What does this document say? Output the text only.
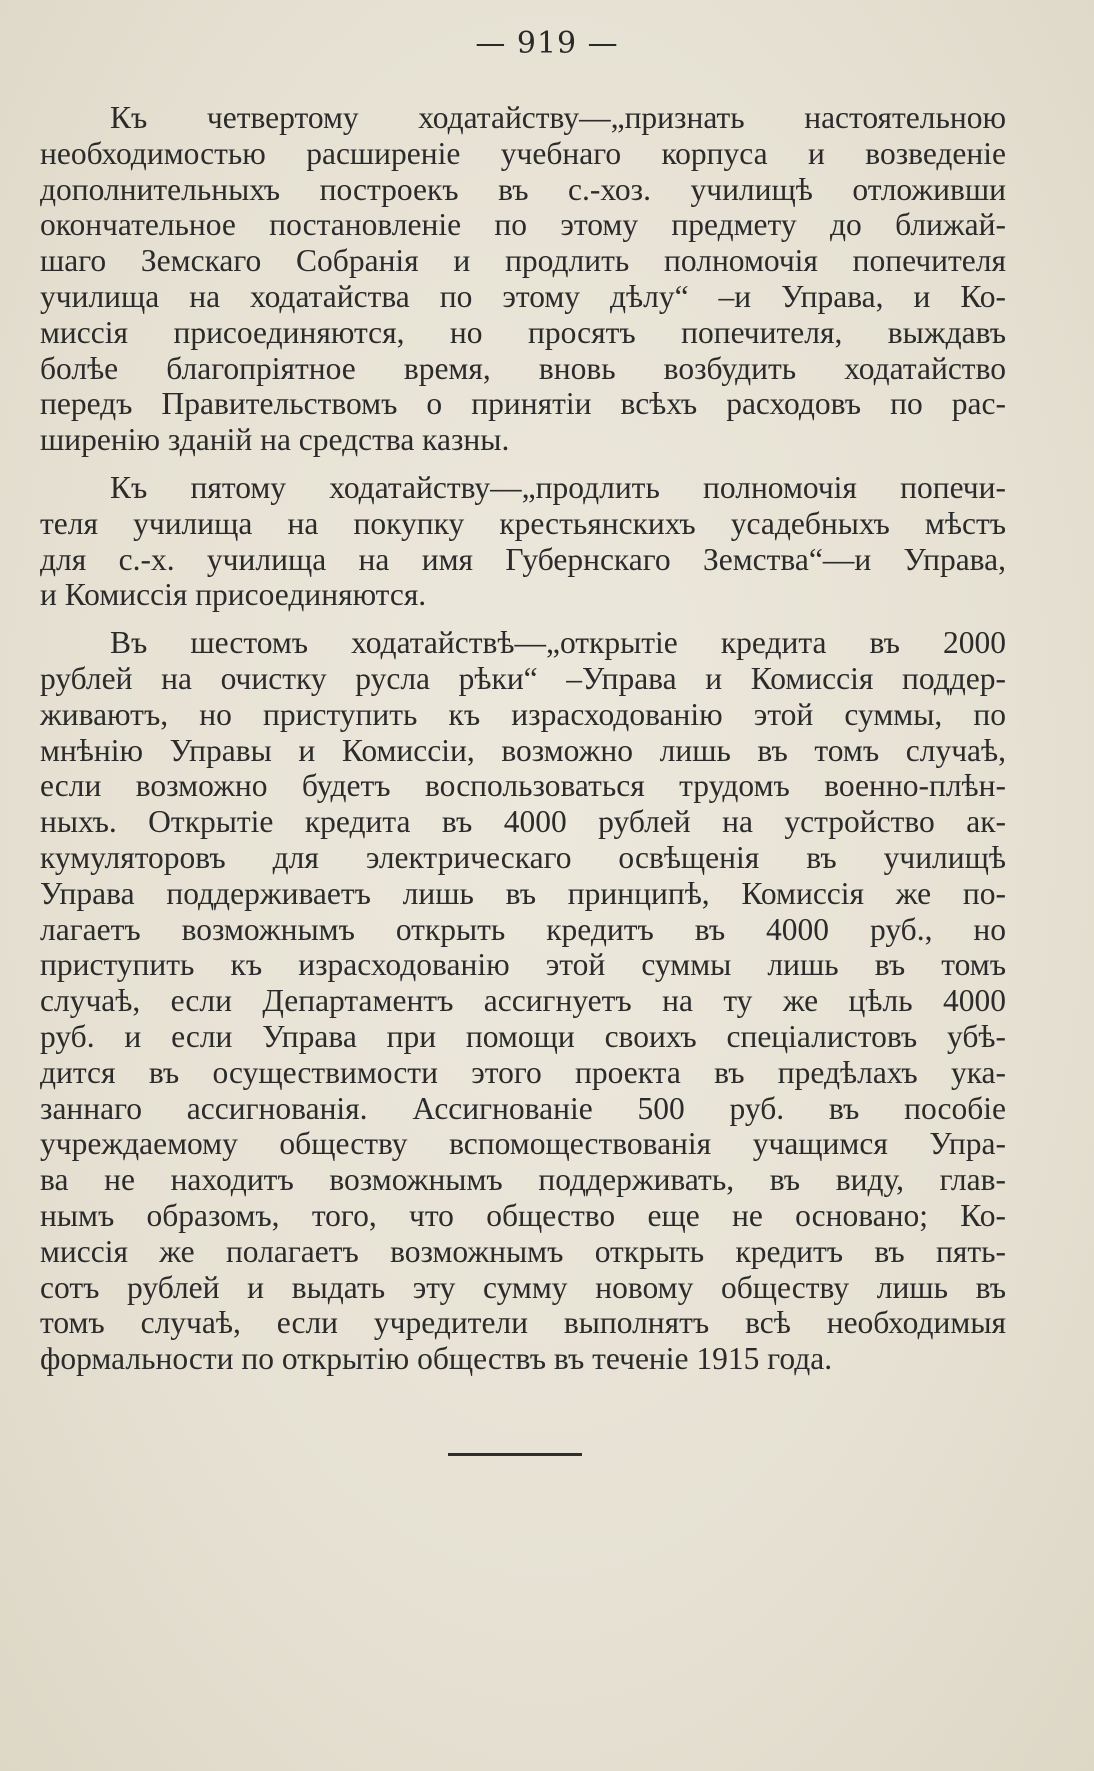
— 919 —

Къ четвертому ходатайству—„признать настоятельною
необходимостью расширеніе учебнаго корпуса и возведеніе
дополнительныхъ построекъ въ с.-хоз. училищѣ отложивши
окончательное постановленіе по этому предмету до ближай-
шаго Земскаго Собранія и продлить полномочія попечителя
училища на ходатайства по этому дѣлу“ –и Управа, и Ко-
миссія присоединяются, но просятъ попечителя, выждавъ
болѣе благопріятное время, вновь возбудить ходатайство
передъ Правительствомъ о принятіи всѣхъ расходовъ по рас-
ширенію зданій на средства казны.

Къ пятому ходатайству—„продлить полномочія попечи-
теля училища на покупку крестьянскихъ усадебныхъ мѣстъ
для с.-х. училища на имя Губернскаго Земства“—и Управа,
и Комиссія присоединяются.

Въ шестомъ ходатайствѣ—„открытіе кредита въ 2000
рублей на очистку русла рѣки“ –Управа и Комиссія поддер-
живаютъ, но приступить къ израсходованію этой суммы, по
мнѣнію Управы и Комиссіи, возможно лишь въ томъ случаѣ,
если возможно будетъ воспользоваться трудомъ военно-плѣн-
ныхъ. Открытіе кредита въ 4000 рублей на устройство ак-
кумуляторовъ для электрическаго освѣщенія въ училищѣ
Управа поддерживаетъ лишь въ принципѣ, Комиссія же по-
лагаетъ возможнымъ открыть кредитъ въ 4000 руб., но
приступить къ израсходованію этой суммы лишь въ томъ
случаѣ, если Департаментъ ассигнуетъ на ту же цѣль 4000
руб. и если Управа при помощи своихъ спеціалистовъ убѣ-
дится въ осуществимости этого проекта въ предѣлахъ ука-
заннаго ассигнованія. Ассигнованіе 500 руб. въ пособіе
учреждаемому обществу вспомоществованія учащимся Упра-
ва не находитъ возможнымъ поддерживать, въ виду, глав-
нымъ образомъ, того, что общество еще не основано; Ко-
миссія же полагаетъ возможнымъ открыть кредитъ въ пять-
сотъ рублей и выдать эту сумму новому обществу лишь въ
томъ случаѣ, если учредители выполнятъ всѣ необходимыя
формальности по открытію обществъ въ теченіе 1915 года.
